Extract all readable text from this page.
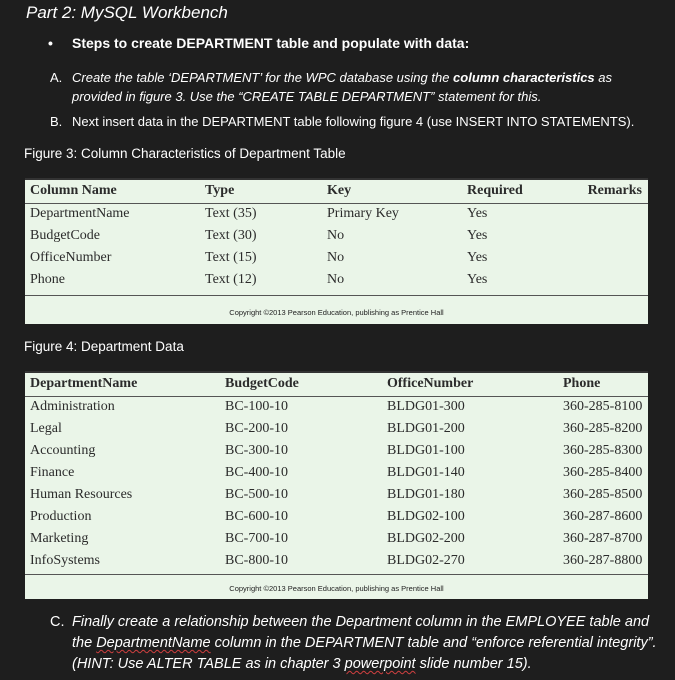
Part 2: MySQL Workbench
•	Steps to create DEPARTMENT table and populate with data:
A. Create the table ‘DEPARTMENT’ for the WPC database using the column characteristics as provided in figure 3. Use the “CREATE TABLE DEPARTMENT” statement for this.
B. Next insert data in the DEPARTMENT table following figure 4 (use INSERT INTO STATEMENTS).
Figure 3: Column Characteristics of Department Table
Column Name	Type	Key	Required	Remarks
DepartmentName	Text (35)	Primary Key	Yes
BudgetCode	Text (30)	No	Yes
OfficeNumber	Text (15)	No	Yes
Phone	Text (12)	No	Yes
Copyright ©2013 Pearson Education, publishing as Prentice Hall
Figure 4: Department Data
DepartmentName	BudgetCode	OfficeNumber	Phone
Administration	BC-100-10	BLDG01-300	360-285-8100
Legal	BC-200-10	BLDG01-200	360-285-8200
Accounting	BC-300-10	BLDG01-100	360-285-8300
Finance	BC-400-10	BLDG01-140	360-285-8400
Human Resources	BC-500-10	BLDG01-180	360-285-8500
Production	BC-600-10	BLDG02-100	360-287-8600
Marketing	BC-700-10	BLDG02-200	360-287-8700
InfoSystems	BC-800-10	BLDG02-270	360-287-8800
Copyright ©2013 Pearson Education, publishing as Prentice Hall
C. Finally create a relationship between the Department column in the EMPLOYEE table and the DepartmentName column in the DEPARTMENT table and “enforce referential integrity”. (HINT: Use ALTER TABLE as in chapter 3 powerpoint slide number 15).
